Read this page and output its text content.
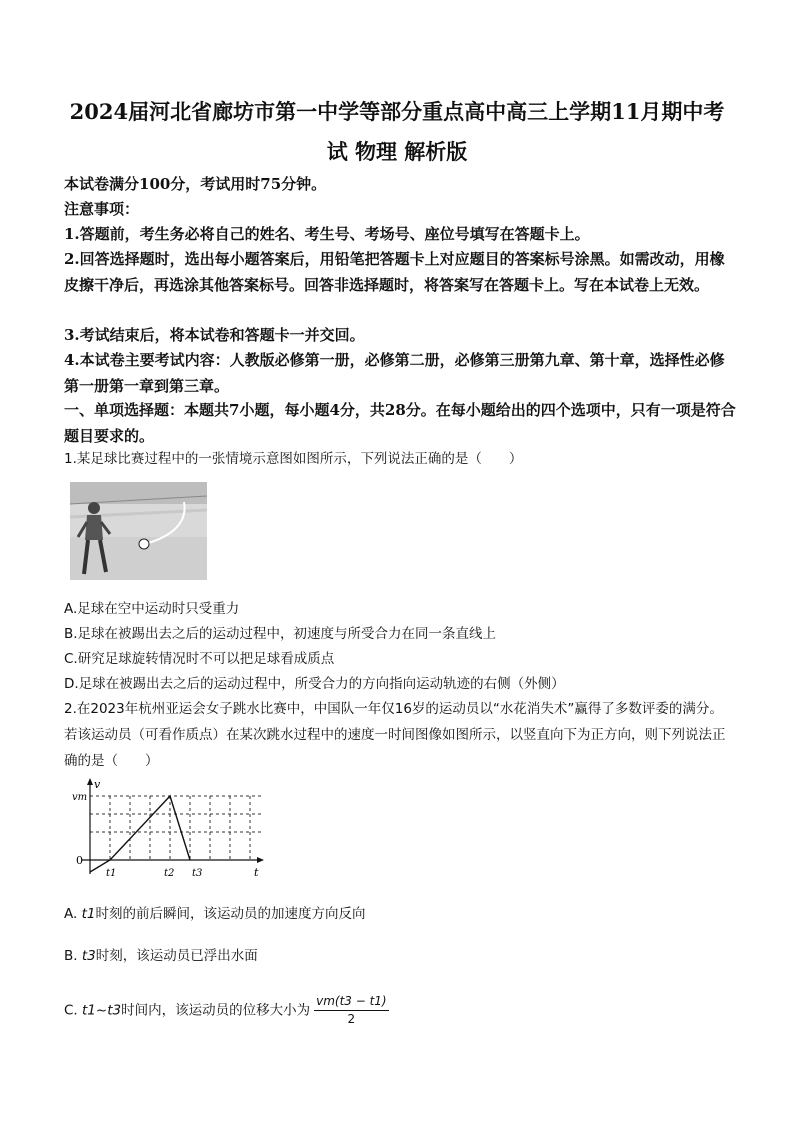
2024届河北省廊坊市第一中学等部分重点高中高三上学期11月期中考
试 物理 解析版

本试卷满分100分，考试用时75分钟。

注意事项：

1.答题前，考生务必将自己的姓名、考生号、考场号、座位号填写在答题卡上。

2.回答选择题时，选出每小题答案后，用铅笔把答题卡上对应题目的答案标号涂黑。如需改动，用橡皮擦干净后，再选涂其他答案标号。回答非选择题时，将答案写在答题卡上。写在本试卷上无效。

3.考试结束后，将本试卷和答题卡一并交回。

4.本试卷主要考试内容：人教版必修第一册，必修第二册，必修第三册第九章、第十章，选择性必修第一册第一章到第三章。

一、单项选择题：本题共7小题，每小题4分，共28分。在每小题给出的四个选项中，只有一项是符合题目要求的。

1.某足球比赛过程中的一张情境示意图如图所示，下列说法正确的是（　　）

A.足球在空中运动时只受重力

B.足球在被踢出去之后的运动过程中，初速度与所受合力在同一条直线上

C.研究足球旋转情况时不可以把足球看成质点

D.足球在被踢出去之后的运动过程中，所受合力的方向指向运动轨迹的右侧（外侧）

2.在2023年杭州亚运会女子跳水比赛中，中国队一年仅16岁的运动员以“水花消失术”赢得了多数评委的满分。若该运动员（可看作质点）在某次跳水过程中的速度一时间图像如图所示，以竖直向下为正方向，则下列说法正确的是（　　）

v
vm
0
t1	t2 t3	t

A. t1时刻的前后瞬间，该运动员的加速度方向反向

B. t3时刻，该运动员已浮出水面

C. t1~t3时间内，该运动员的位移大小为 $\frac{vm(t3 - t1)}{2}$
